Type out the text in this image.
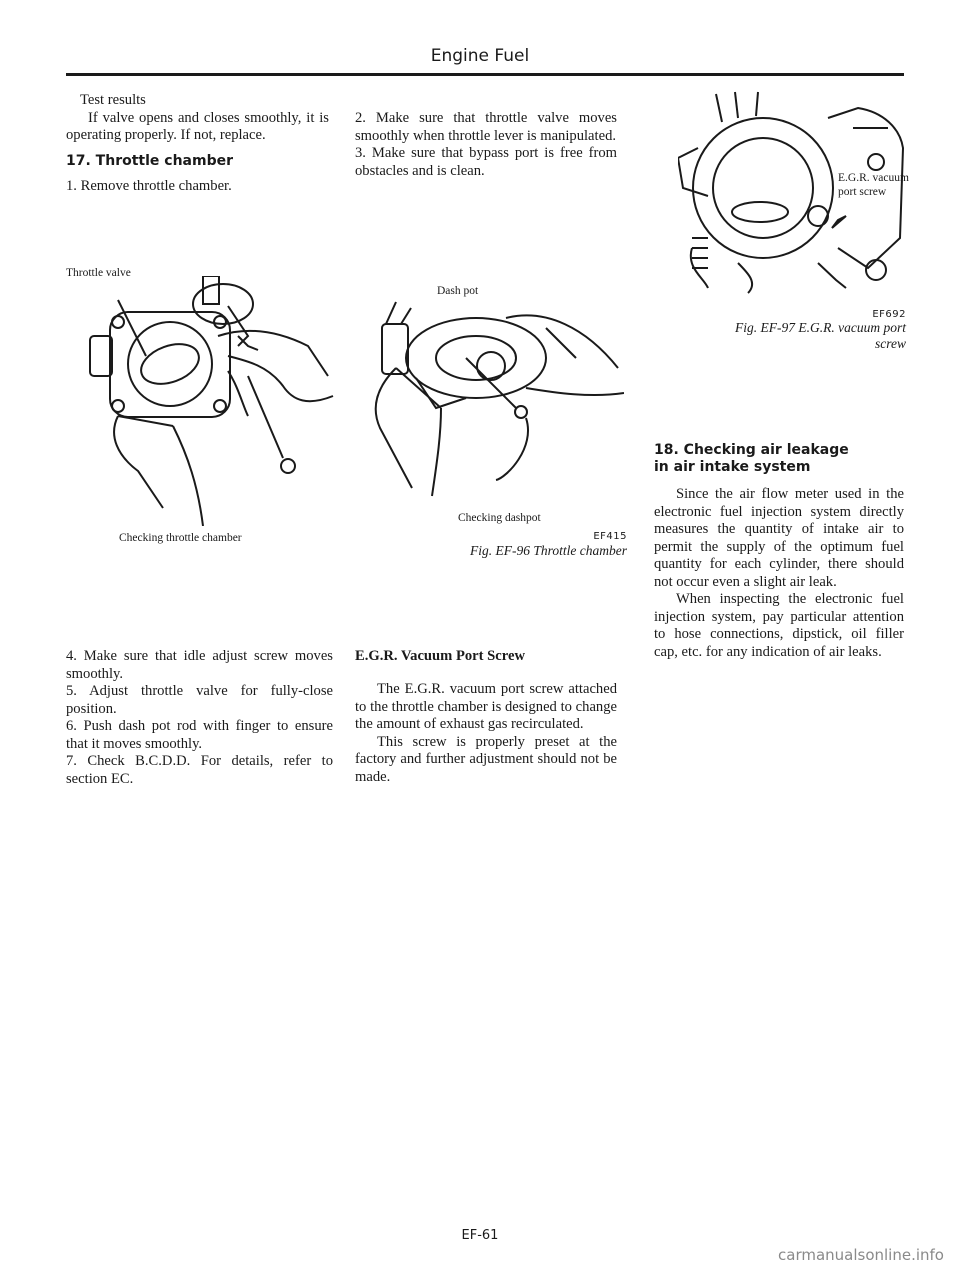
Engine Fuel

Test results

If valve opens and closes smoothly, it is operating properly. If not, replace.

17. Throttle chamber

1. Remove throttle chamber.

Throttle valve
Checking throttle chamber
4. Make sure that idle adjust screw moves smoothly.
5. Adjust throttle valve for fully-close position.
6. Push dash pot rod with finger to ensure that it moves smoothly.
7. Check B.C.D.D. For details, refer to section EC.
2. Make sure that throttle valve moves smoothly when throttle lever is manipulated.
3. Make sure that bypass port is free from obstacles and is clean.
Dash pot
Checking dashpot
EF415
Fig. EF-96 Throttle chamber

E.G.R. Vacuum Port Screw

The E.G.R. vacuum port screw attached to the throttle chamber is designed to change the amount of exhaust gas recirculated.

This screw is properly preset at the factory and further adjustment should not be made.

E.G.R. vacuum port screw
EF692
Fig. EF-97 E.G.R. vacuum port
screw

18. Checking air leakage

in air intake system

Since the air flow meter used in the electronic fuel injection system directly measures the quantity of intake air to permit the supply of the optimum fuel quantity for each cylinder, there should not occur even a slight air leak.

When inspecting the electronic fuel injection system, pay particular attention to hose connections, dipstick, oil filler cap, etc. for any indication of air leaks.

EF-61
carmanualsonline.info
